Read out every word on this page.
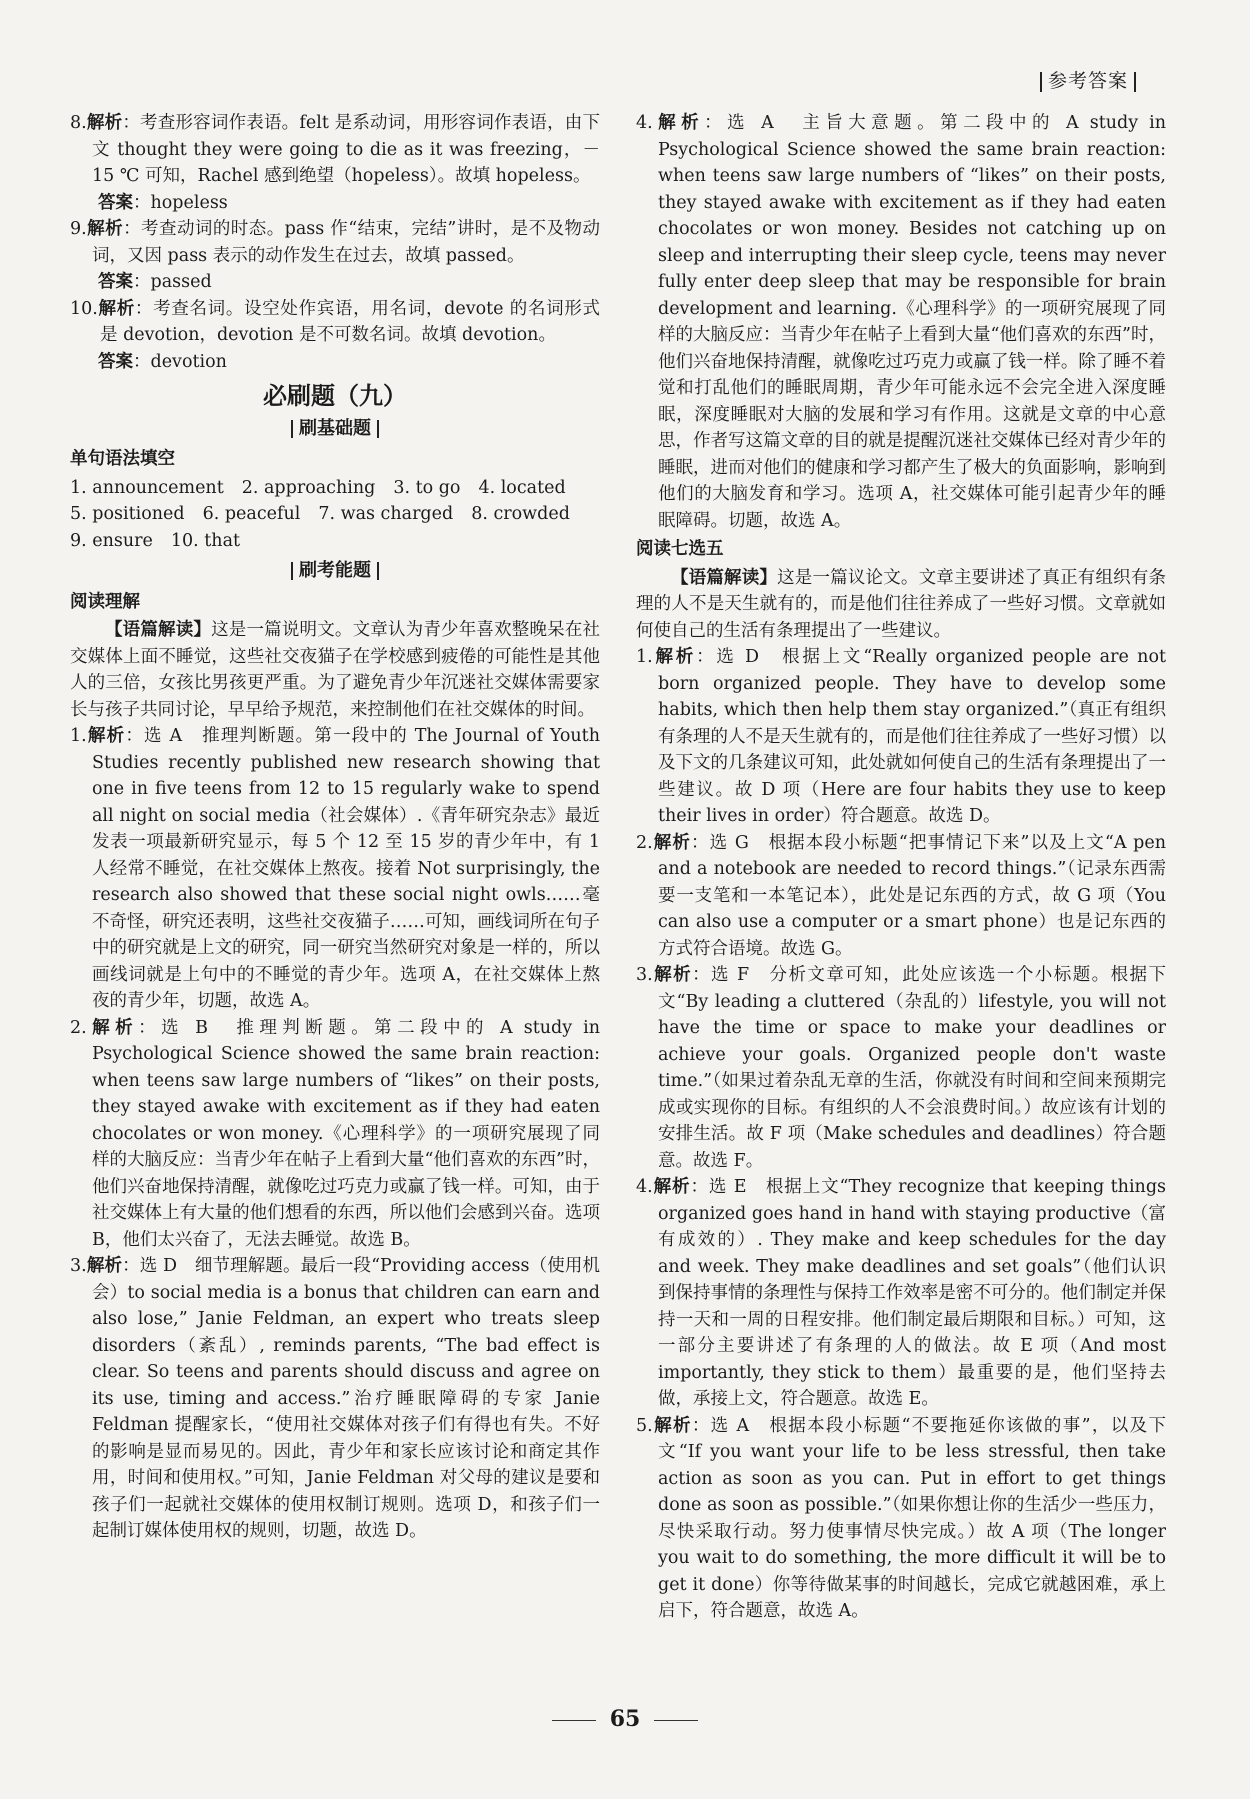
参考答案

8.解析：考查形容词作表语。felt 是系动词，用形容词作表语，由下文 thought they were going to die as it was freezing，－15 ℃ 可知，Rachel 感到绝望（hopeless）。故填 hopeless。

答案：hopeless

9.解析：考查动词的时态。pass 作“结束，完结”讲时，是不及物动词，又因 pass 表示的动作发生在过去，故填 passed。

答案：passed

10.解析：考查名词。设空处作宾语，用名词，devote 的名词形式是 devotion，devotion 是不可数名词。故填 devotion。

答案：devotion

必刷题（九）
刷基础题
单句语法填空
1. announcement 2. approaching 3. to go 4. located
5. positioned 6. peaceful 7. was charged 8. crowded
9. ensure 10. that
刷考能题
阅读理解

【语篇解读】这是一篇说明文。文章认为青少年喜欢整晚呆在社交媒体上面不睡觉，这些社交夜猫子在学校感到疲倦的可能性是其他人的三倍，女孩比男孩更严重。为了避免青少年沉迷社交媒体需要家长与孩子共同讨论，早早给予规范，来控制他们在社交媒体的时间。

1.解析：选 A　推理判断题。第一段中的 The Journal of Youth Studies recently published new research showing that one in five teens from 12 to 15 regularly wake to spend all night on social media（社会媒体）.《青年研究杂志》最近发表一项最新研究显示，每 5 个 12 至 15 岁的青少年中，有 1 人经常不睡觉，在社交媒体上熬夜。接着 Not surprisingly, the research also showed that these social night owls……毫不奇怪，研究还表明，这些社交夜猫子……可知，画线词所在句子中的研究就是上文的研究，同一研究当然研究对象是一样的，所以画线词就是上句中的不睡觉的青少年。选项 A，在社交媒体上熬夜的青少年，切题，故选 A。

2.解析：选 B　推理判断题。第二段中的 A study in Psychological Science showed the same brain reaction: when teens saw large numbers of “likes” on their posts, they stayed awake with excitement as if they had eaten chocolates or won money.《心理科学》的一项研究展现了同样的大脑反应：当青少年在帖子上看到大量“他们喜欢的东西”时，他们兴奋地保持清醒，就像吃过巧克力或赢了钱一样。可知，由于社交媒体上有大量的他们想看的东西，所以他们会感到兴奋。选项 B，他们太兴奋了，无法去睡觉。故选 B。

3.解析：选 D　细节理解题。最后一段“Providing access（使用机会）to social media is a bonus that children can earn and also lose,” Janie Feldman, an expert who treats sleep disorders（紊乱）, reminds parents, “The bad effect is clear. So teens and parents should discuss and agree on its use, timing and access.”治疗睡眠障碍的专家 Janie Feldman 提醒家长，“使用社交媒体对孩子们有得也有失。不好的影响是显而易见的。因此，青少年和家长应该讨论和商定其作用，时间和使用权。”可知，Janie Feldman 对父母的建议是要和孩子们一起就社交媒体的使用权制订规则。选项 D，和孩子们一起制订媒体使用权的规则，切题，故选 D。

4.解析：选 A　主旨大意题。第二段中的 A study in Psychological Science showed the same brain reaction: when teens saw large numbers of “likes” on their posts, they stayed awake with excitement as if they had eaten chocolates or won money. Besides not catching up on sleep and interrupting their sleep cycle, teens may never fully enter deep sleep that may be responsible for brain development and learning.《心理科学》的一项研究展现了同样的大脑反应：当青少年在帖子上看到大量“他们喜欢的东西”时，他们兴奋地保持清醒，就像吃过巧克力或赢了钱一样。除了睡不着觉和打乱他们的睡眠周期，青少年可能永远不会完全进入深度睡眠，深度睡眠对大脑的发展和学习有作用。这就是文章的中心意思，作者写这篇文章的目的就是提醒沉迷社交媒体已经对青少年的睡眠，进而对他们的健康和学习都产生了极大的负面影响，影响到他们的大脑发育和学习。选项 A，社交媒体可能引起青少年的睡眠障碍。切题，故选 A。

阅读七选五

【语篇解读】这是一篇议论文。文章主要讲述了真正有组织有条理的人不是天生就有的，而是他们往往养成了一些好习惯。文章就如何使自己的生活有条理提出了一些建议。

1.解析：选 D　根据上文“Really organized people are not born organized people. They have to develop some habits, which then help them stay organized.”（真正有组织有条理的人不是天生就有的，而是他们往往养成了一些好习惯）以及下文的几条建议可知，此处就如何使自己的生活有条理提出了一些建议。故 D 项（Here are four habits they use to keep their lives in order）符合题意。故选 D。

2.解析：选 G　根据本段小标题“把事情记下来”以及上文“A pen and a notebook are needed to record things.”（记录东西需要一支笔和一本笔记本），此处是记东西的方式，故 G 项（You can also use a computer or a smart phone）也是记东西的方式符合语境。故选 G。

3.解析：选 F　分析文章可知，此处应该选一个小标题。根据下文“By leading a cluttered（杂乱的）lifestyle, you will not have the time or space to make your deadlines or achieve your goals. Organized people don't waste time.”（如果过着杂乱无章的生活，你就没有时间和空间来预期完成或实现你的目标。有组织的人不会浪费时间。）故应该有计划的安排生活。故 F 项（Make schedules and deadlines）符合题意。故选 F。

4.解析：选 E　根据上文“They recognize that keeping things organized goes hand in hand with staying productive（富有成效的）. They make and keep schedules for the day and week. They make deadlines and set goals”（他们认识到保持事情的条理性与保持工作效率是密不可分的。他们制定并保持一天和一周的日程安排。他们制定最后期限和目标。）可知，这一部分主要讲述了有条理的人的做法。故 E 项（And most importantly, they stick to them）最重要的是，他们坚持去做，承接上文，符合题意。故选 E。

5.解析：选 A　根据本段小标题“不要拖延你该做的事”，以及下文“If you want your life to be less stressful, then take action as soon as you can. Put in effort to get things done as soon as possible.”（如果你想让你的生活少一些压力，尽快采取行动。努力使事情尽快完成。）故 A 项（The longer you wait to do something, the more difficult it will be to get it done）你等待做某事的时间越长，完成它就越困难，承上启下，符合题意，故选 A。

65
